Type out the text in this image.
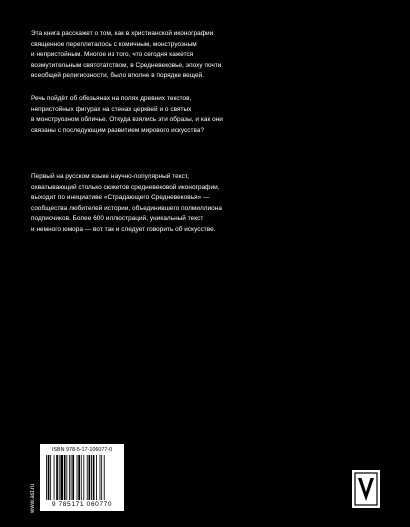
Эта книга расскажет о том, как в христианской иконографии
священное переплеталось с комичным, монструозным
и непристойным. Многое из того, что сегодня кажется
возмутительным святотатством, в Средневековье, эпоху почти
всеобщей религиозности, было вполне в порядке вещей.
Речь пойдёт об обезьянах на полях древних текстов,
непристойных фигурах на стенах церквей и о святых
в монструозном обличье. Откуда взялись эти образы, и как они
связаны с последующим развитием мирового искусства?
Первый на русском языке научно-популярный текст,
охватывающий столько сюжетов средневековой иконографии,
выходит по инициативе «Страдающего Средневековья» —
сообщества любителей истории, объединившего полмиллиона
подписчиков. Более 600 иллюстраций, уникальный текст
и немного юмора — вот так и следует говорить об искусстве.
www.ast.ru
ISBN 978-5-17-106077-0
9 785171 060770
